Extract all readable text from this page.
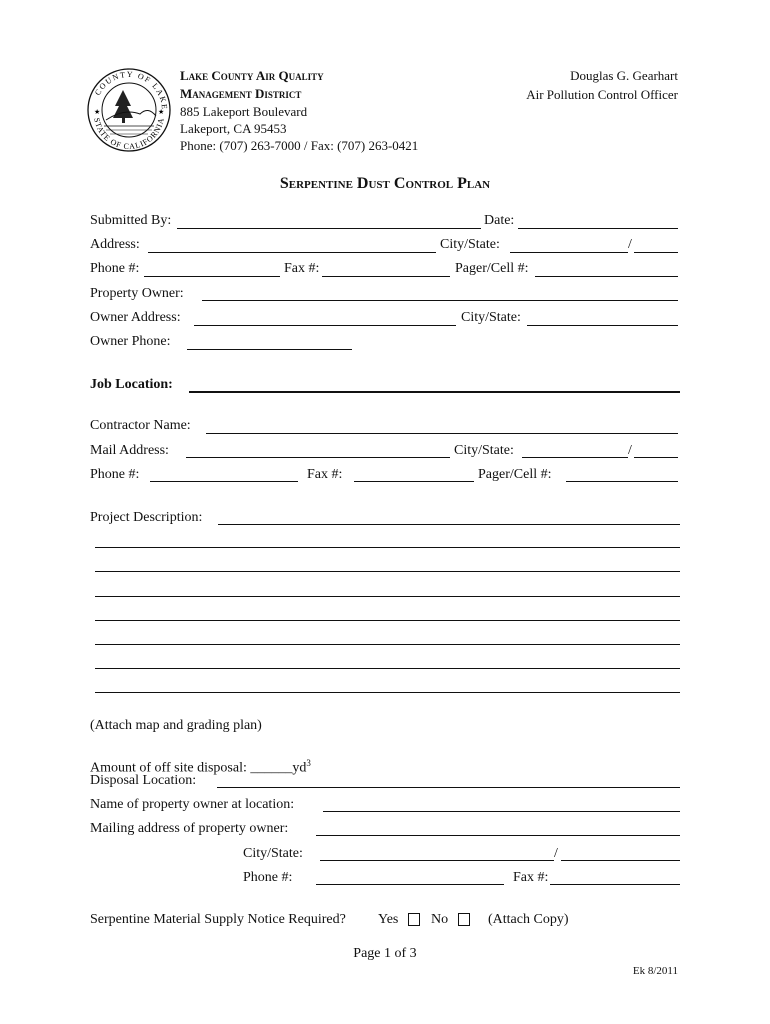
COUNTY OF LAKE
STATE OF CALIFORNIA
★	★
Lake County Air Quality
Management District
885 Lakeport Boulevard
Lakeport, CA 95453
Phone: (707) 263-7000 / Fax: (707) 263-0421
Douglas G. Gearhart
Air Pollution Control Officer
Serpentine Dust Control Plan
Submitted By:	Date:
Address:	City/State:	/
Phone #:	Fax #:	Pager/Cell #:
Property Owner:
Owner Address:	City/State:
Owner Phone:
Job Location:
Contractor Name:
Mail Address:	City/State:	/
Phone #:	Fax #:	Pager/Cell #:
Project Description:
(Attach map and grading plan)
Amount of off site disposal: $\_\_\_\_\_\_yd^3$
Disposal Location:
Name of property owner at location:
Mailing address of property owner:
City/State:	/
Phone #:	Fax #:
Serpentine Material Supply Notice Required? Yes No	(Attach Copy)
Page 1 of 3
Ek 8/2011
